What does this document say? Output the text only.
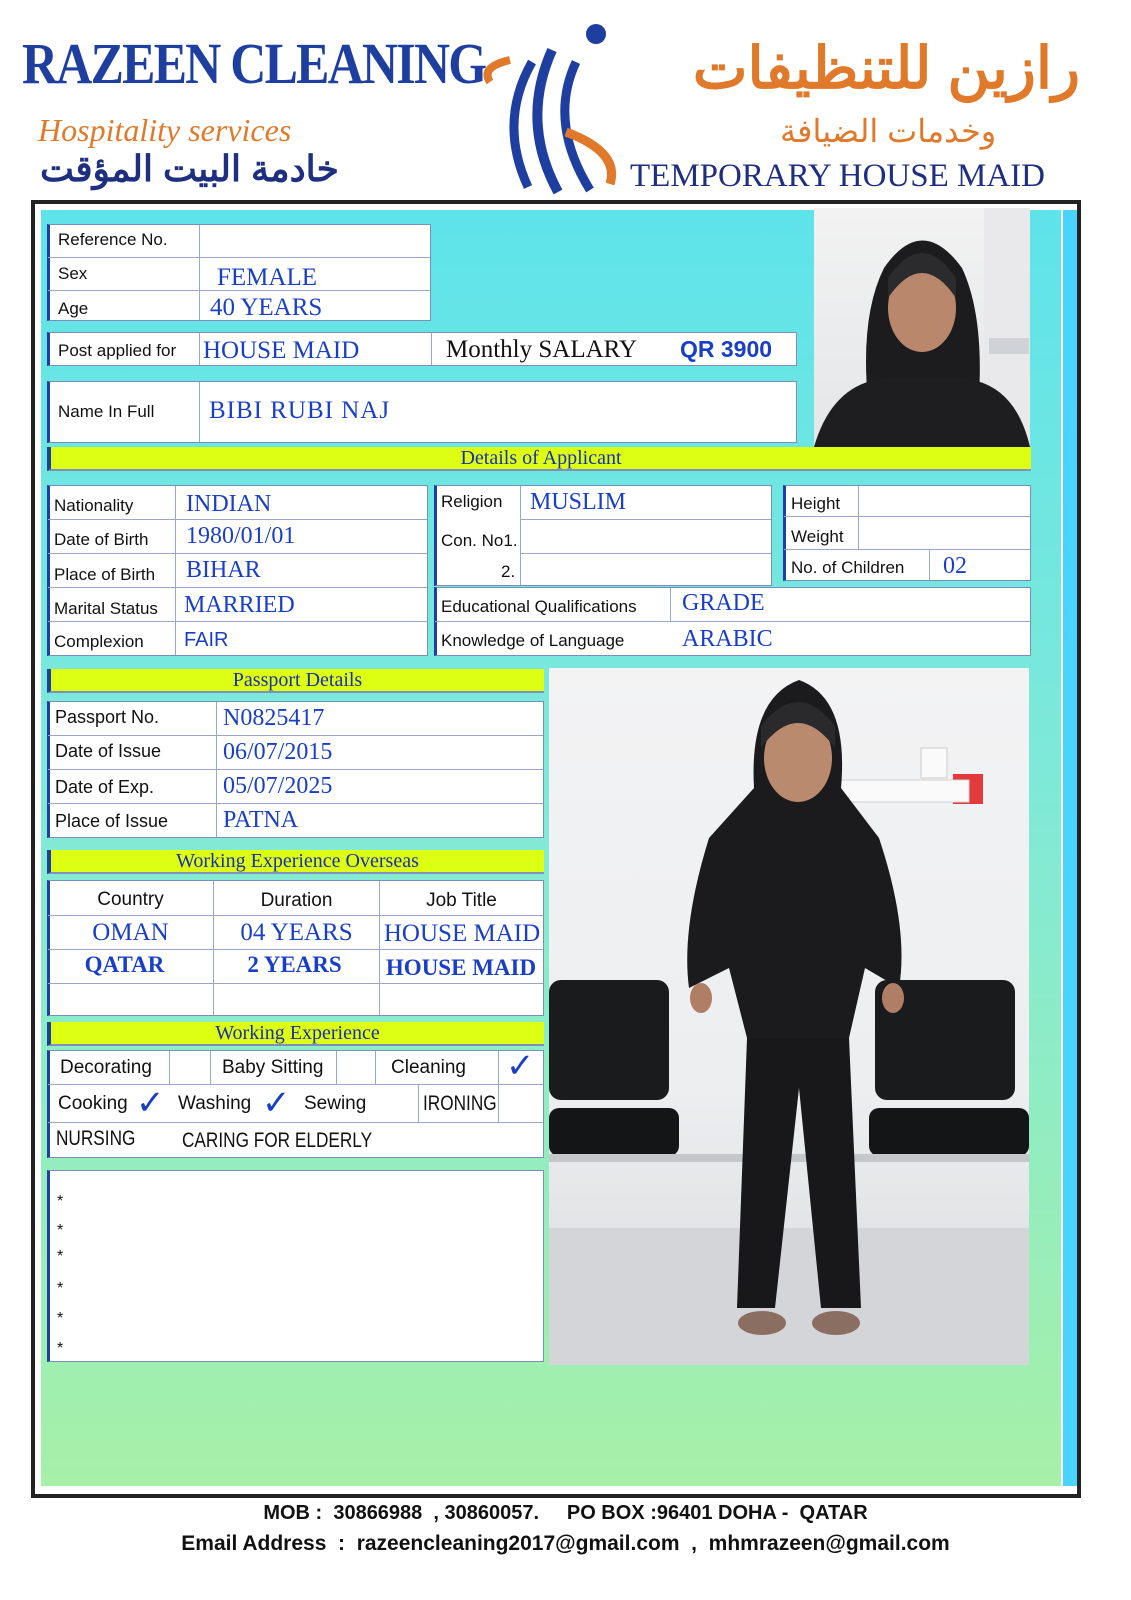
RAZEEN CLEANING
Hospitality services
خادمة البيت المؤقت
رازين للتنظيفات
وخدمات الضيافة
TEMPORARY HOUSE MAID
Reference No.
Sex	FEMALE
Age	40 YEARS
Post applied for HOUSE MAID	Monthly SALARY QR 3900
Name In Full BIBI RUBI NAJ
Details of Applicant
Nationality INDIAN
Date of Birth 1980/01/01
Place of Birth BIHAR
Marital Status MARRIED
Complexion FAIR
Religion MUSLIM
Con. No1.
2.
Height
Weight
No. of Children 02
Educational Qualifications GRADE
Knowledge of Language ARABIC
Passport Details
Passport No.	N0825417
Date of Issue	06/07/2015
Date of Exp.	05/07/2025
Place of Issue PATNA
Working Experience Overseas
Country	Duration	Job Title
OMAN	04 YEARS	HOUSE MAID
QATAR	2 YEARS	HOUSE MAID
Working Experience
Decorating	Baby Sitting	Cleaning ✓
Cooking ✓ Washing ✓ Sewing	IRONING
NURSING CARING FOR ELDERLY
*
*
*
*
*
*
MOB :  30866988  , 30860057.     PO BOX :96401 DOHA -  QATAR
Email Address  :  razeencleaning2017@gmail.com  ,  mhmrazeen@gmail.com
